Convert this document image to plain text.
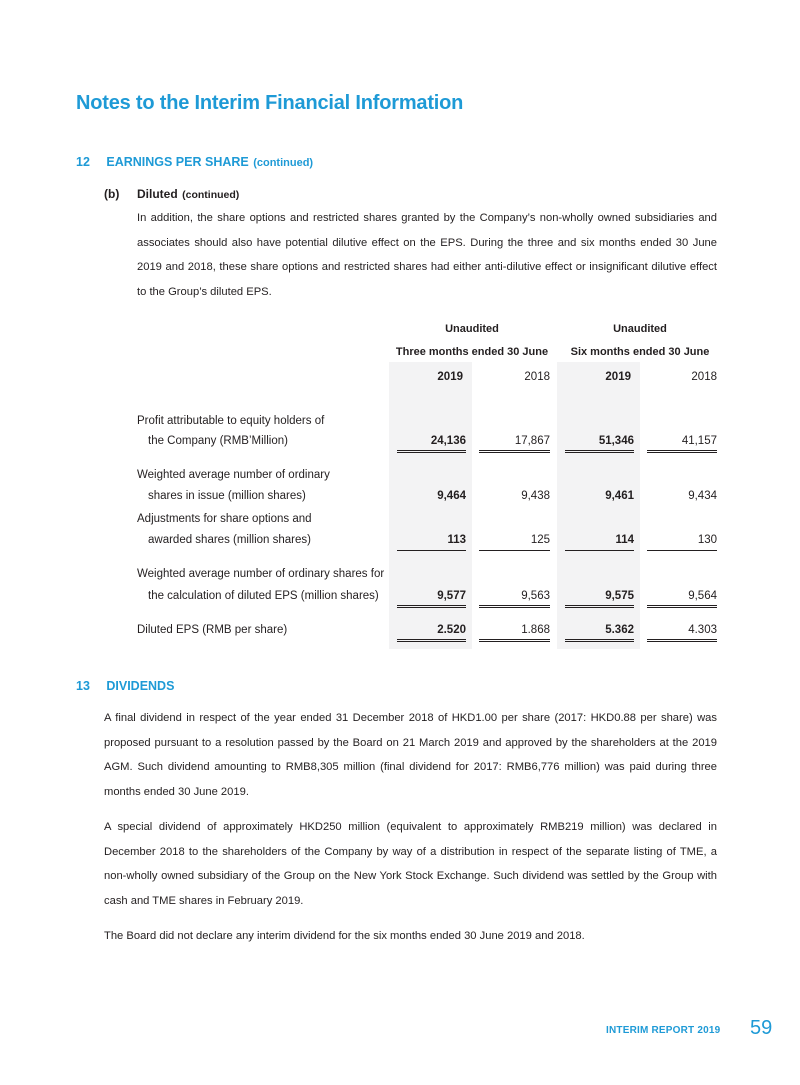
Notes to the Interim Financial Information
12 EARNINGS PER SHARE (continued)
(b) Diluted (continued)
In addition, the share options and restricted shares granted by the Company’s non-wholly owned subsidiaries and associates should also have potential dilutive effect on the EPS. During the three and six months ended 30 June 2019 and 2018, these share options and restricted shares had either anti-dilutive effect or insignificant dilutive effect to the Group’s diluted EPS.
Unaudited
Three months ended 30 June
Unaudited
Six months ended 30 June
2019	2018	2019	2018
Profit attributable to equity holders of
the Company (RMB’Million)	24,136	17,867	51,346	41,157
Weighted average number of ordinary
shares in issue (million shares)	9,464	9,438	9,461	9,434
Adjustments for share options and
awarded shares (million shares)	113	125	114	130
Weighted average number of ordinary shares for
the calculation of diluted EPS (million shares)	9,577	9,563	9,575	9,564
Diluted EPS (RMB per share)	2.520	1.868	5.362	4.303
13 DIVIDENDS
A final dividend in respect of the year ended 31 December 2018 of HKD1.00 per share (2017: HKD0.88 per share) was proposed pursuant to a resolution passed by the Board on 21 March 2019 and approved by the shareholders at the 2019 AGM. Such dividend amounting to RMB8,305 million (final dividend for 2017: RMB6,776 million) was paid during three months ended 30 June 2019.
A special dividend of approximately HKD250 million (equivalent to approximately RMB219 million) was declared in December 2018 to the shareholders of the Company by way of a distribution in respect of the separate listing of TME, a non-wholly owned subsidiary of the Group on the New York Stock Exchange. Such dividend was settled by the Group with cash and TME shares in February 2019.
The Board did not declare any interim dividend for the six months ended 30 June 2019 and 2018.
INTERIM REPORT 2019 59
